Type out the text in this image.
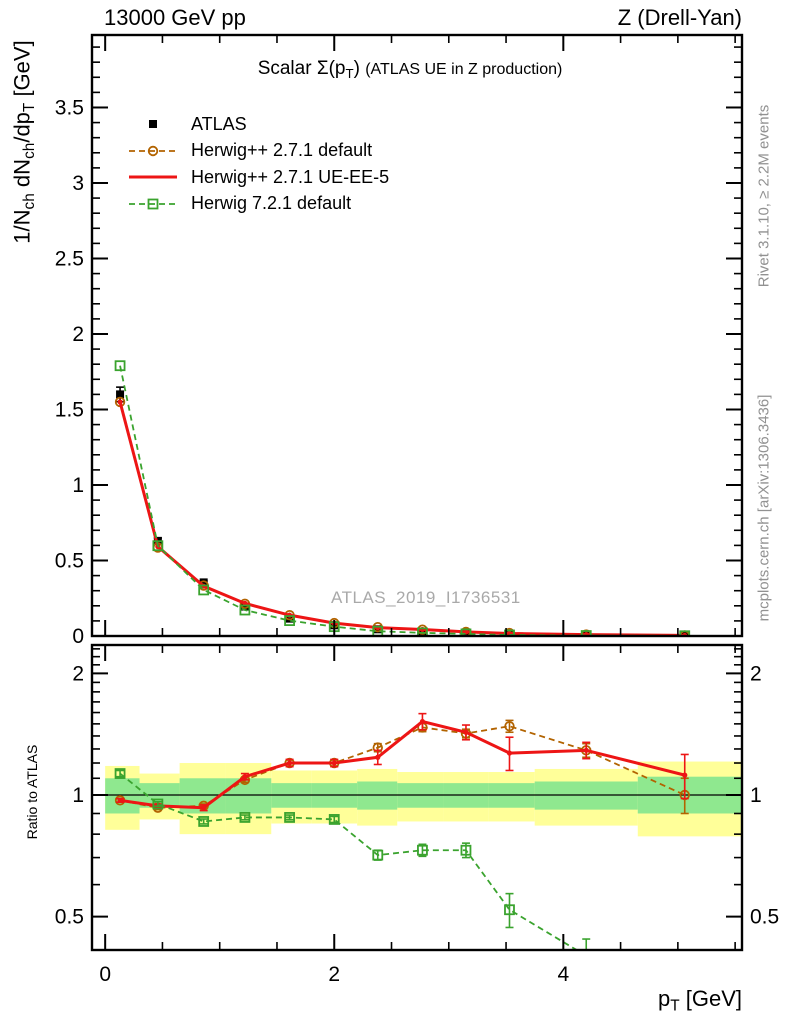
0
0.5
1
1.5
2
2.5
3
3.5
0.5	0.5
1	1
2	2
0	2	4
13000 GeV pp	Z (Drell-Yan)
Scalar $\Sigma(p_T)$ (ATLAS UE in Z production)
$1/N_{ch}$ $dN_{ch}/dp_T$ [GeV]
$p_T$ [GeV]
Ratio to ATLAS
Rivet 3.1.10, ≥ 2.2M events
mcplots.cern.ch [arXiv:1306.3436]
ATLAS_2019_I1736531
ATLAS
Herwig++ 2.7.1 default
Herwig++ 2.7.1 UE-EE-5
Herwig 7.2.1 default
